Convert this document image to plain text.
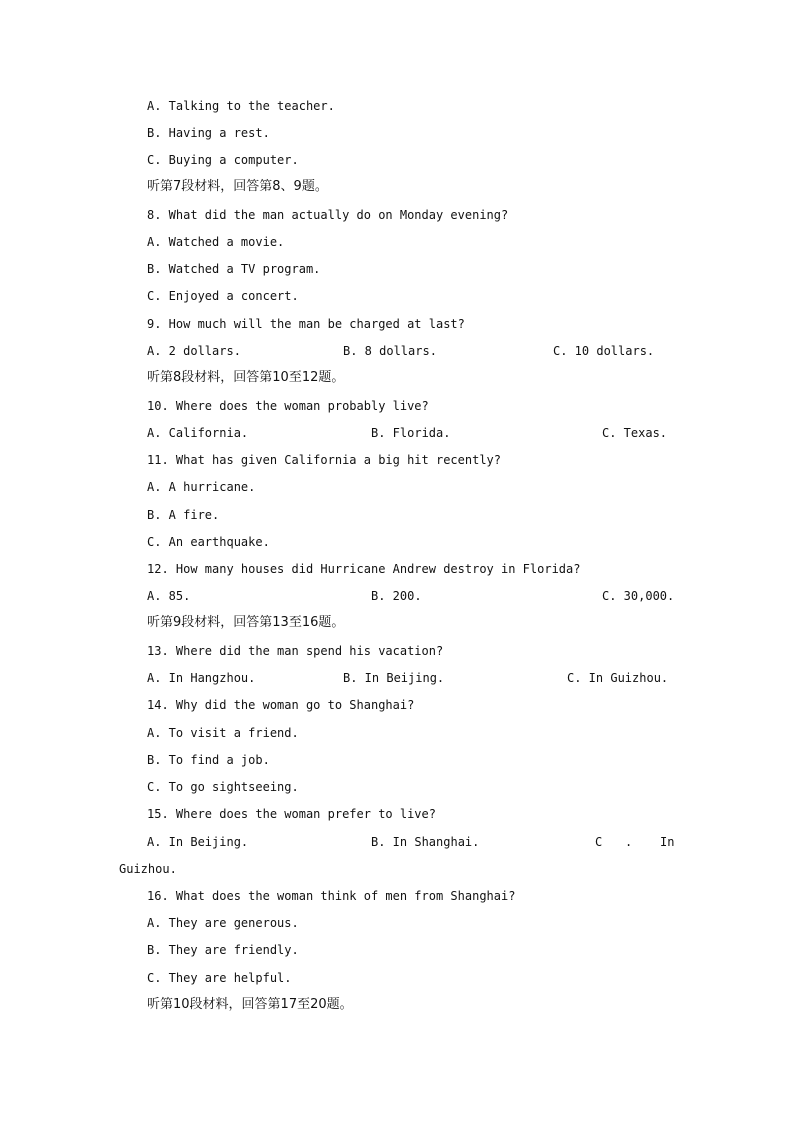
A. Talking to the teacher.
B. Having a rest.
C. Buying a computer.
听第7段材料，回答第8、9题。
8. What did the man actually do on Monday evening?
A. Watched a movie.
B. Watched a TV program.
C. Enjoyed a concert.
9. How much will the man be charged at last?
A. 2 dollars.	B. 8 dollars.	C. 10 dollars.
听第8段材料，回答第10至12题。
10. Where does the woman probably live?
A. California.	B. Florida.	C. Texas.
11. What has given California a big hit recently?
A. A hurricane.
B. A fire.
C. An earthquake.
12. How many houses did Hurricane Andrew destroy in Florida?
A. 85.	B. 200.	C. 30,000.
听第9段材料，回答第13至16题。
13. Where did the man spend his vacation?
A. In Hangzhou.	B. In Beijing.	C. In Guizhou.
14. Why did the woman go to Shanghai?
A. To visit a friend.
B. To find a job.
C. To go sightseeing.
15. Where does the woman prefer to live?
A. In Beijing.	B. In Shanghai.	C . In
Guizhou.
16. What does the woman think of men from Shanghai?
A. They are generous.
B. They are friendly.
C. They are helpful.
听第10段材料，回答第17至20题。
